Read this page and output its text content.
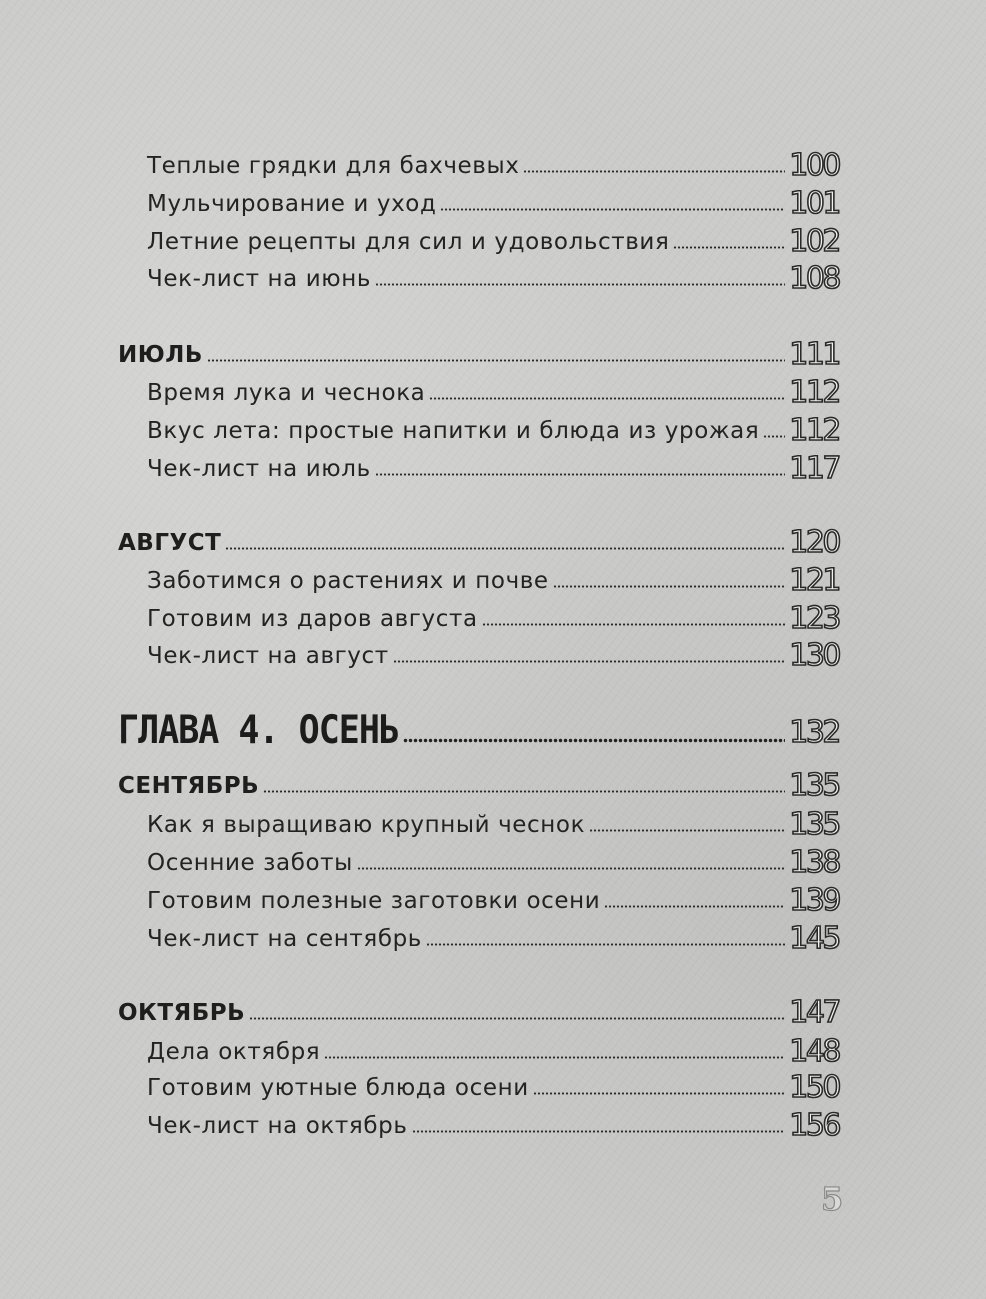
Теплые грядки для бахчевых	100
Мульчирование и уход	101
Летние рецепты для сил и удовольствия	102
Чек-лист на июнь	108
ИЮЛЬ	111
Время лука и чеснока	112
Вкус лета: простые напитки и блюда из урожая 112
Чек-лист на июль	117
АВГУСТ	120
Заботимся о растениях и почве	121
Готовим из даров августа	123
Чек-лист на август	130
ГЛАВА 4. ОСЕНЬ	132
СЕНТЯБРЬ	135
Как я выращиваю крупный чеснок	135
Осенние заботы	138
Готовим полезные заготовки осени	139
Чек-лист на сентябрь	145
ОКТЯБРЬ	147
Дела октября	148
Готовим уютные блюда осени	150
Чек-лист на октябрь	156
5
